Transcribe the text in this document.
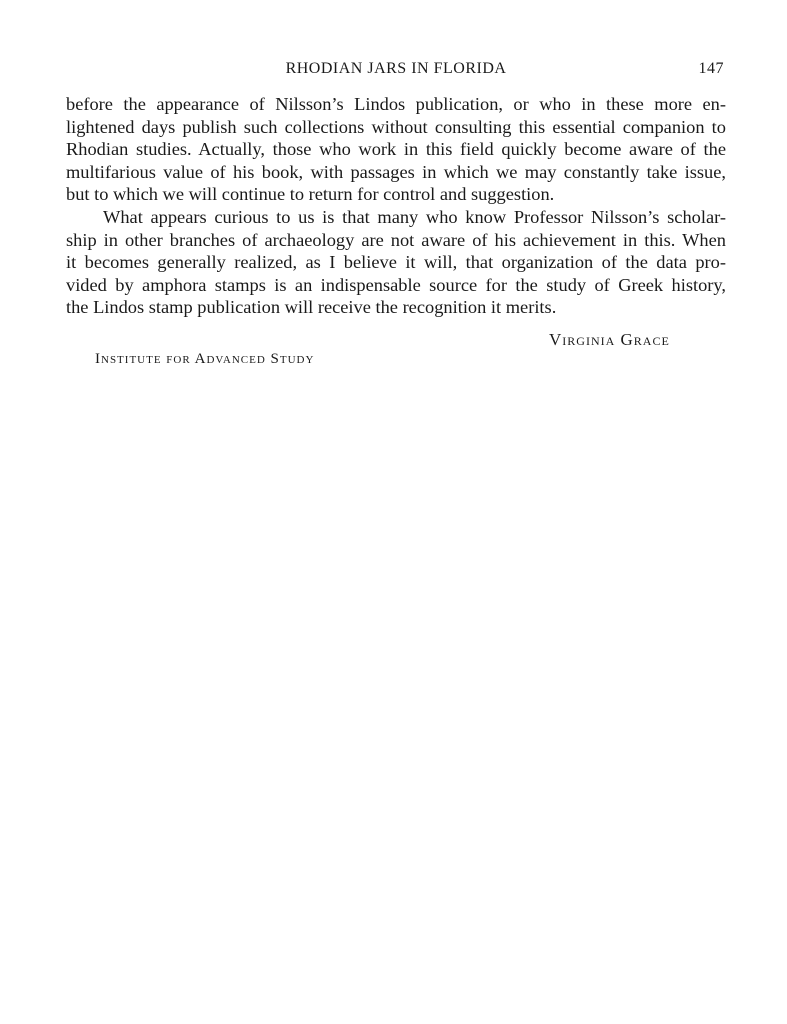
RHODIAN JARS IN FLORIDA	147
before the appearance of Nilsson’s Lindos publication, or who in these more en-
lightened days publish such collections without consulting this essential companion to
Rhodian studies. Actually, those who work in this field quickly become aware of the
multifarious value of his book, with passages in which we may constantly take issue,
but to which we will continue to return for control and suggestion.
What appears curious to us is that many who know Professor Nilsson’s scholar-
ship in other branches of archaeology are not aware of his achievement in this. When
it becomes generally realized, as I believe it will, that organization of the data pro-
vided by amphora stamps is an indispensable source for the study of Greek history,
the Lindos stamp publication will receive the recognition it merits.
Virginia Grace
Institute for Advanced Study
